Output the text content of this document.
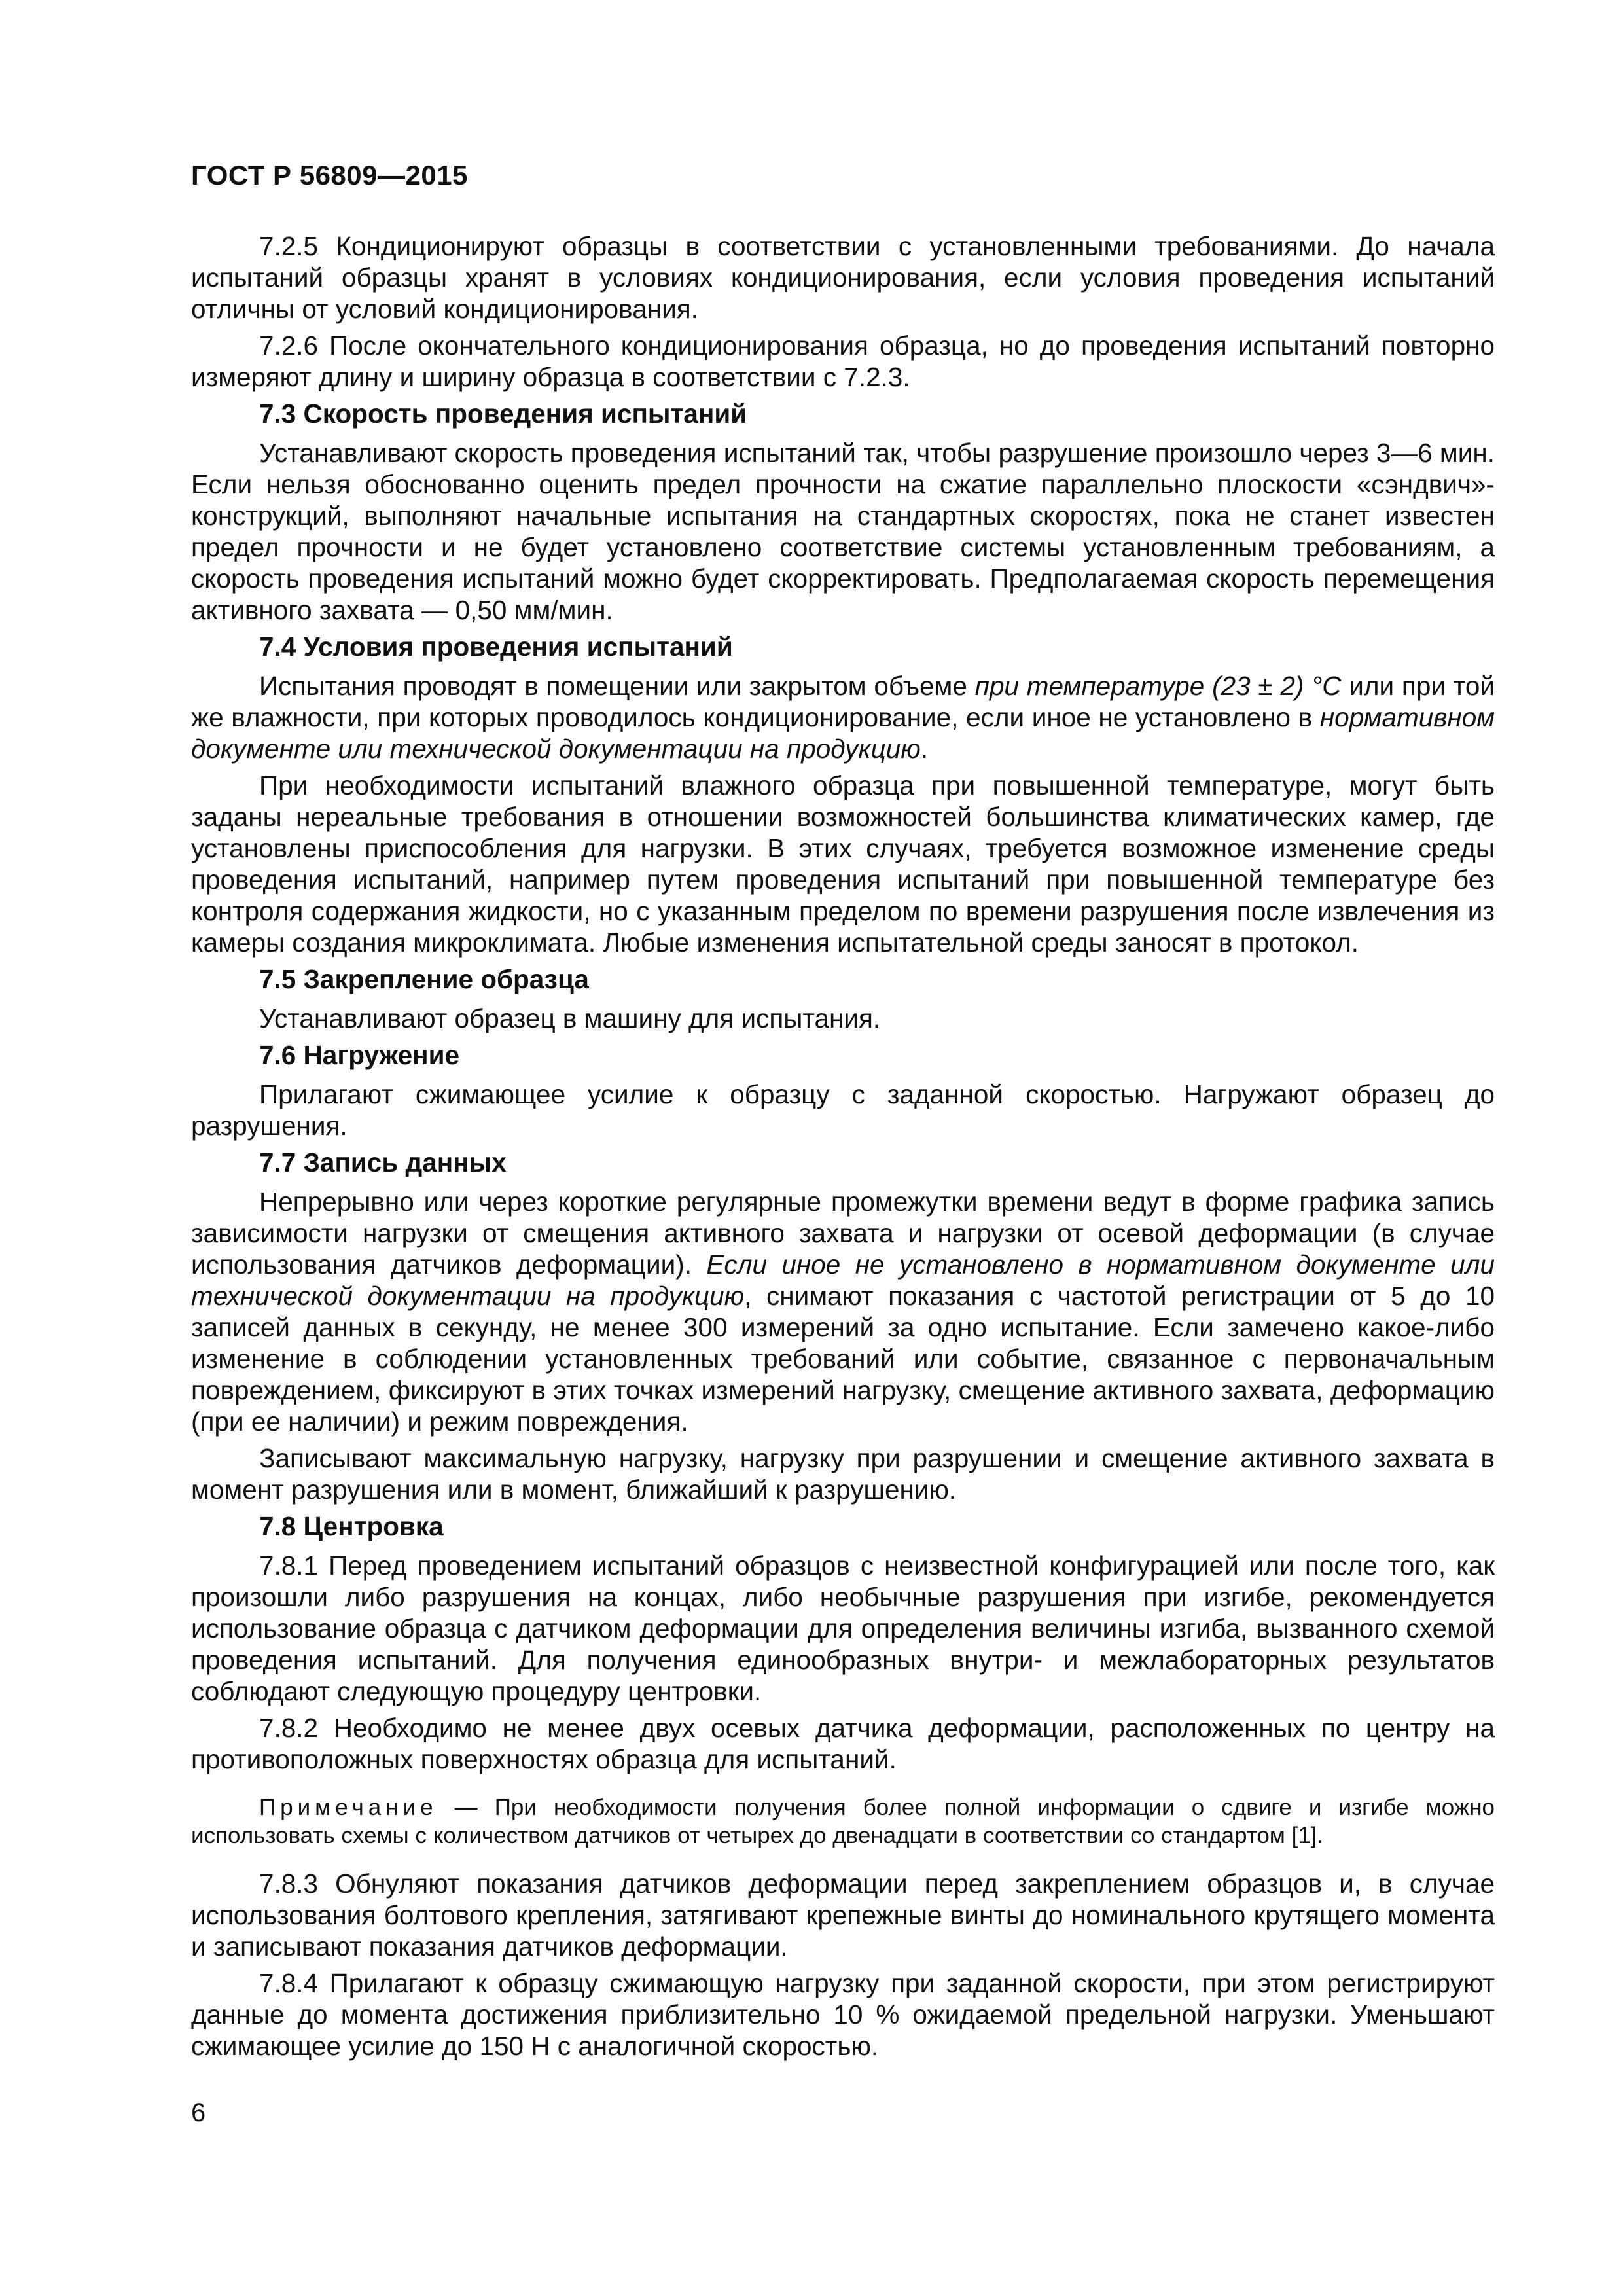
ГОСТ Р 56809—2015

7.2.5 Кондиционируют образцы в соответствии с установленными требованиями. До начала испытаний образцы хранят в условиях кондиционирования, если условия проведения испытаний отличны от условий кондиционирования.

7.2.6 После окончательного кондиционирования образца, но до проведения испытаний повторно измеряют длину и ширину образца в соответствии с 7.2.3.

7.3 Скорость проведения испытаний

Устанавливают скорость проведения испытаний так, чтобы разрушение произошло через 3—6 мин. Если нельзя обоснованно оценить предел прочности на сжатие параллельно плоскости «сэндвич»-конструкций, выполняют начальные испытания на стандартных скоростях, пока не станет известен предел прочности и не будет установлено соответствие системы установленным требованиям, а скорость проведения испытаний можно будет скорректировать. Предполагаемая скорость перемещения активного захвата — 0,50 мм/мин.

7.4 Условия проведения испытаний

Испытания проводят в помещении или закрытом объеме при температуре (23 ± 2) °С или при той же влажности, при которых проводилось кондиционирование, если иное не установлено в нормативном документе или технической документации на продукцию.

При необходимости испытаний влажного образца при повышенной температуре, могут быть заданы нереальные требования в отношении возможностей большинства климатических камер, где установлены приспособления для нагрузки. В этих случаях, требуется возможное изменение среды проведения испытаний, например путем проведения испытаний при повышенной температуре без контроля содержания жидкости, но с указанным пределом по времени разрушения после извлечения из камеры создания микроклимата. Любые изменения испытательной среды заносят в протокол.

7.5 Закрепление образца

Устанавливают образец в машину для испытания.

7.6 Нагружение

Прилагают сжимающее усилие к образцу с заданной скоростью. Нагружают образец до разрушения.

7.7 Запись данных

Непрерывно или через короткие регулярные промежутки времени ведут в форме графика запись зависимости нагрузки от смещения активного захвата и нагрузки от осевой деформации (в случае использования датчиков деформации). Если иное не установлено в нормативном документе или технической документации на продукцию, снимают показания с частотой регистрации от 5 до 10 записей данных в секунду, не менее 300 измерений за одно испытание. Если замечено какое-либо изменение в соблюдении установленных требований или событие, связанное с первоначальным повреждением, фиксируют в этих точках измерений нагрузку, смещение активного захвата, деформацию (при ее наличии) и режим повреждения.

Записывают максимальную нагрузку, нагрузку при разрушении и смещение активного захвата в момент разрушения или в момент, ближайший к разрушению.

7.8 Центровка

7.8.1 Перед проведением испытаний образцов с неизвестной конфигурацией или после того, как произошли либо разрушения на концах, либо необычные разрушения при изгибе, рекомендуется использование образца с датчиком деформации для определения величины изгиба, вызванного схемой проведения испытаний. Для получения единообразных внутри- и межлабораторных результатов соблюдают следующую процедуру центровки.

7.8.2 Необходимо не менее двух осевых датчика деформации, расположенных по центру на противоположных поверхностях образца для испытаний.

Примечание — При необходимости получения более полной информации о сдвиге и изгибе можно использовать схемы с количеством датчиков от четырех до двенадцати в соответствии со стандартом [1].

7.8.3 Обнуляют показания датчиков деформации перед закреплением образцов и, в случае использования болтового крепления, затягивают крепежные винты до номинального крутящего момента и записывают показания датчиков деформации.

7.8.4 Прилагают к образцу сжимающую нагрузку при заданной скорости, при этом регистрируют данные до момента достижения приблизительно 10 % ожидаемой предельной нагрузки. Уменьшают сжимающее усилие до 150 Н с аналогичной скоростью.

6
